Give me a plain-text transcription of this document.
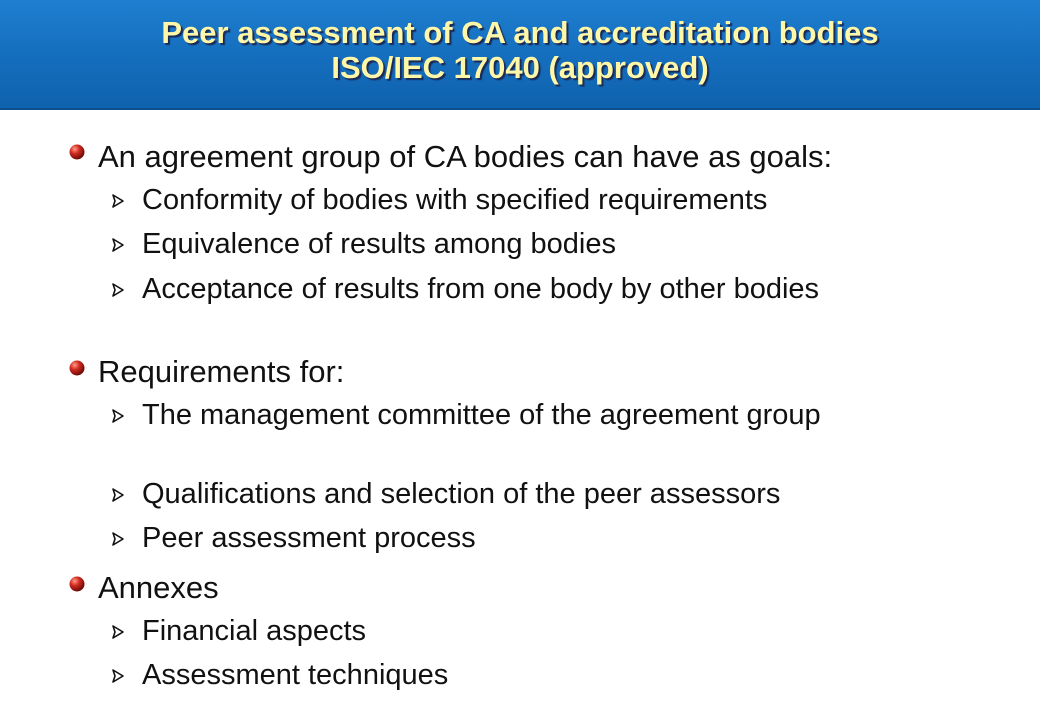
Peer assessment of CA and accreditation bodies
ISO/IEC 17040 (approved)
An agreement group of CA bodies can have as goals:
Conformity of bodies with specified requirements
Equivalence of results among bodies
Acceptance of results from one body by other bodies
Requirements for:
The management committee of the agreement group
Qualifications and selection of the peer assessors
Peer assessment process
Annexes
Financial aspects
Assessment techniques
